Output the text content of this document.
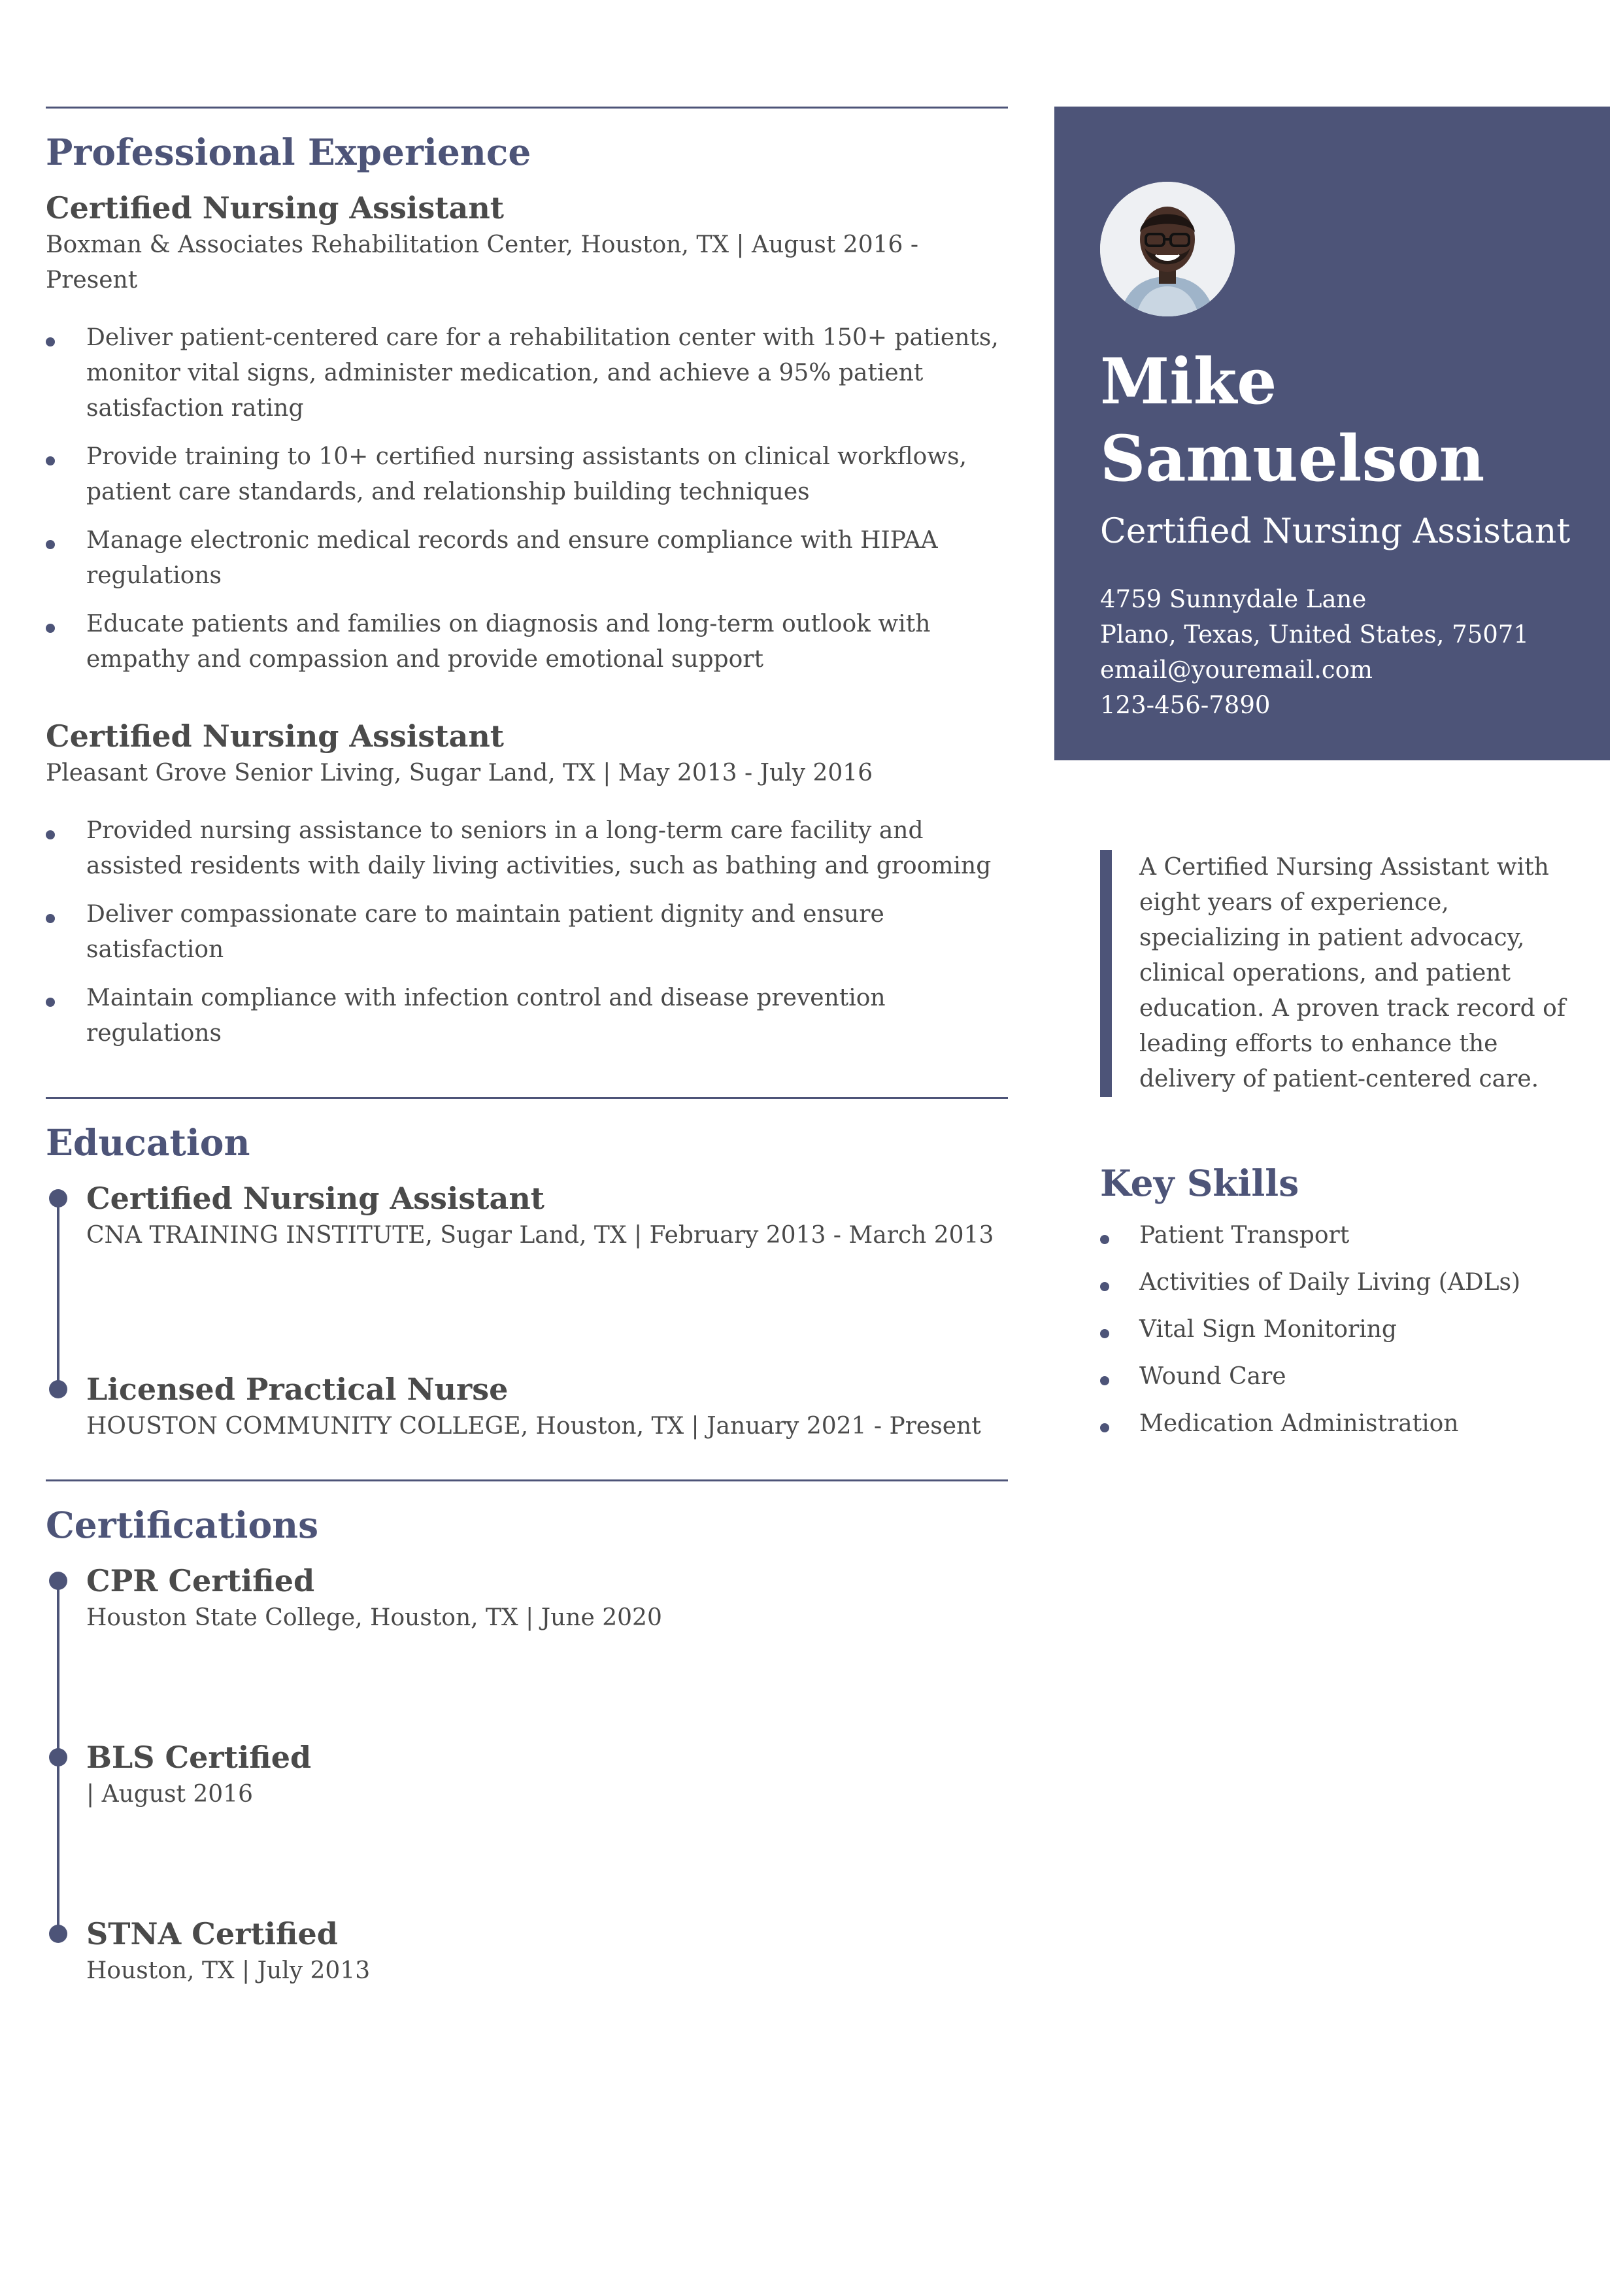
Professional Experience
Certified Nursing Assistant
Boxman & Associates Rehabilitation Center, Houston, TX | August 2016 - Present
Deliver patient-centered care for a rehabilitation center with 150+ patients, monitor vital signs, administer medication, and achieve a 95% patient satisfaction rating
Provide training to 10+ certified nursing assistants on clinical workflows, patient care standards, and relationship building techniques
Manage electronic medical records and ensure compliance with HIPAA regulations
Educate patients and families on diagnosis and long-term outlook with empathy and compassion and provide emotional support
Certified Nursing Assistant
Pleasant Grove Senior Living, Sugar Land, TX | May 2013 - July 2016
Provided nursing assistance to seniors in a long-term care facility and assisted residents with daily living activities, such as bathing and grooming
Deliver compassionate care to maintain patient dignity and ensure satisfaction
Maintain compliance with infection control and disease prevention regulations
Education
Certified Nursing Assistant
CNA TRAINING INSTITUTE, Sugar Land, TX | February 2013 - March 2013
Licensed Practical Nurse
HOUSTON COMMUNITY COLLEGE, Houston, TX | January 2021 - Present
Certifications
CPR Certified
Houston State College, Houston, TX | June 2020
BLS Certified
| August 2016
STNA Certified
Houston, TX | July 2013
Mike Samuelson
Certified Nursing Assistant
4759 Sunnydale Lane
Plano, Texas, United States, 75071
email@youremail.com
123-456-7890
A Certified Nursing Assistant with eight years of experience, specializing in patient advocacy, clinical operations, and patient education. A proven track record of leading efforts to enhance the delivery of patient-centered care.
Key Skills
Patient Transport
Activities of Daily Living (ADLs)
Vital Sign Monitoring
Wound Care
Medication Administration
